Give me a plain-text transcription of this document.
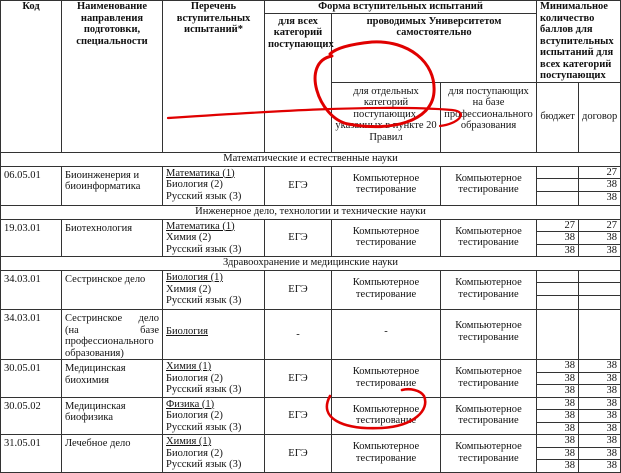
Код	Наименование направления подготовки, специальности	Перечень вступительных испытаний*	Форма вступительных испытаний			Минимальное количество баллов для вступительных испытаний для всех категорий поступающих	
			для всех категорий поступающих	проводимых Университетом самостоятельно			
				для отдельных категорий поступающих, указанных в пункте 20 Правил	для поступающих на базе профессионального образования	бюджет	договор
Математические и естественные науки							
06.05.01	Биоинженерия и биоинформатика	Математика (1)
Биология (2)
Русский язык (3)	ЕГЭ	Компьютерное тестирование	Компьютерное тестирование		27
							38
							38
Инженерное дело, технологии и технические науки							
19.03.01	Биотехнология	Математика (1)
Химия (2)
Русский язык (3)	ЕГЭ	Компьютерное тестирование	Компьютерное тестирование	27	27
						38	38
						38	38
Здравоохранение и медицинские науки							
34.03.01	Сестринское дело	Биология (1)
Химия (2)
Русский язык (3)	ЕГЭ	Компьютерное тестирование	Компьютерное тестирование		

34.03.01	Сестринское дело (на базе профессионального образования)	Биология	-	-	Компьютерное тестирование		
30.05.01	Медицинская биохимия	Химия (1)
Биология (2)
Русский язык (3)	ЕГЭ	Компьютерное тестирование	Компьютерное тестирование	38	38
						38	38
						38	38
30.05.02	Медицинская биофизика	Физика (1)
Биология (2)
Русский язык (3)	ЕГЭ	Компьютерное тестирование	Компьютерное тестирование	38	38
						38	38
						38	38
31.05.01	Лечебное дело	Химия (1)
Биология (2)
Русский язык (3)	ЕГЭ	Компьютерное тестирование	Компьютерное тестирование	38	38
						38	38
						38	38
